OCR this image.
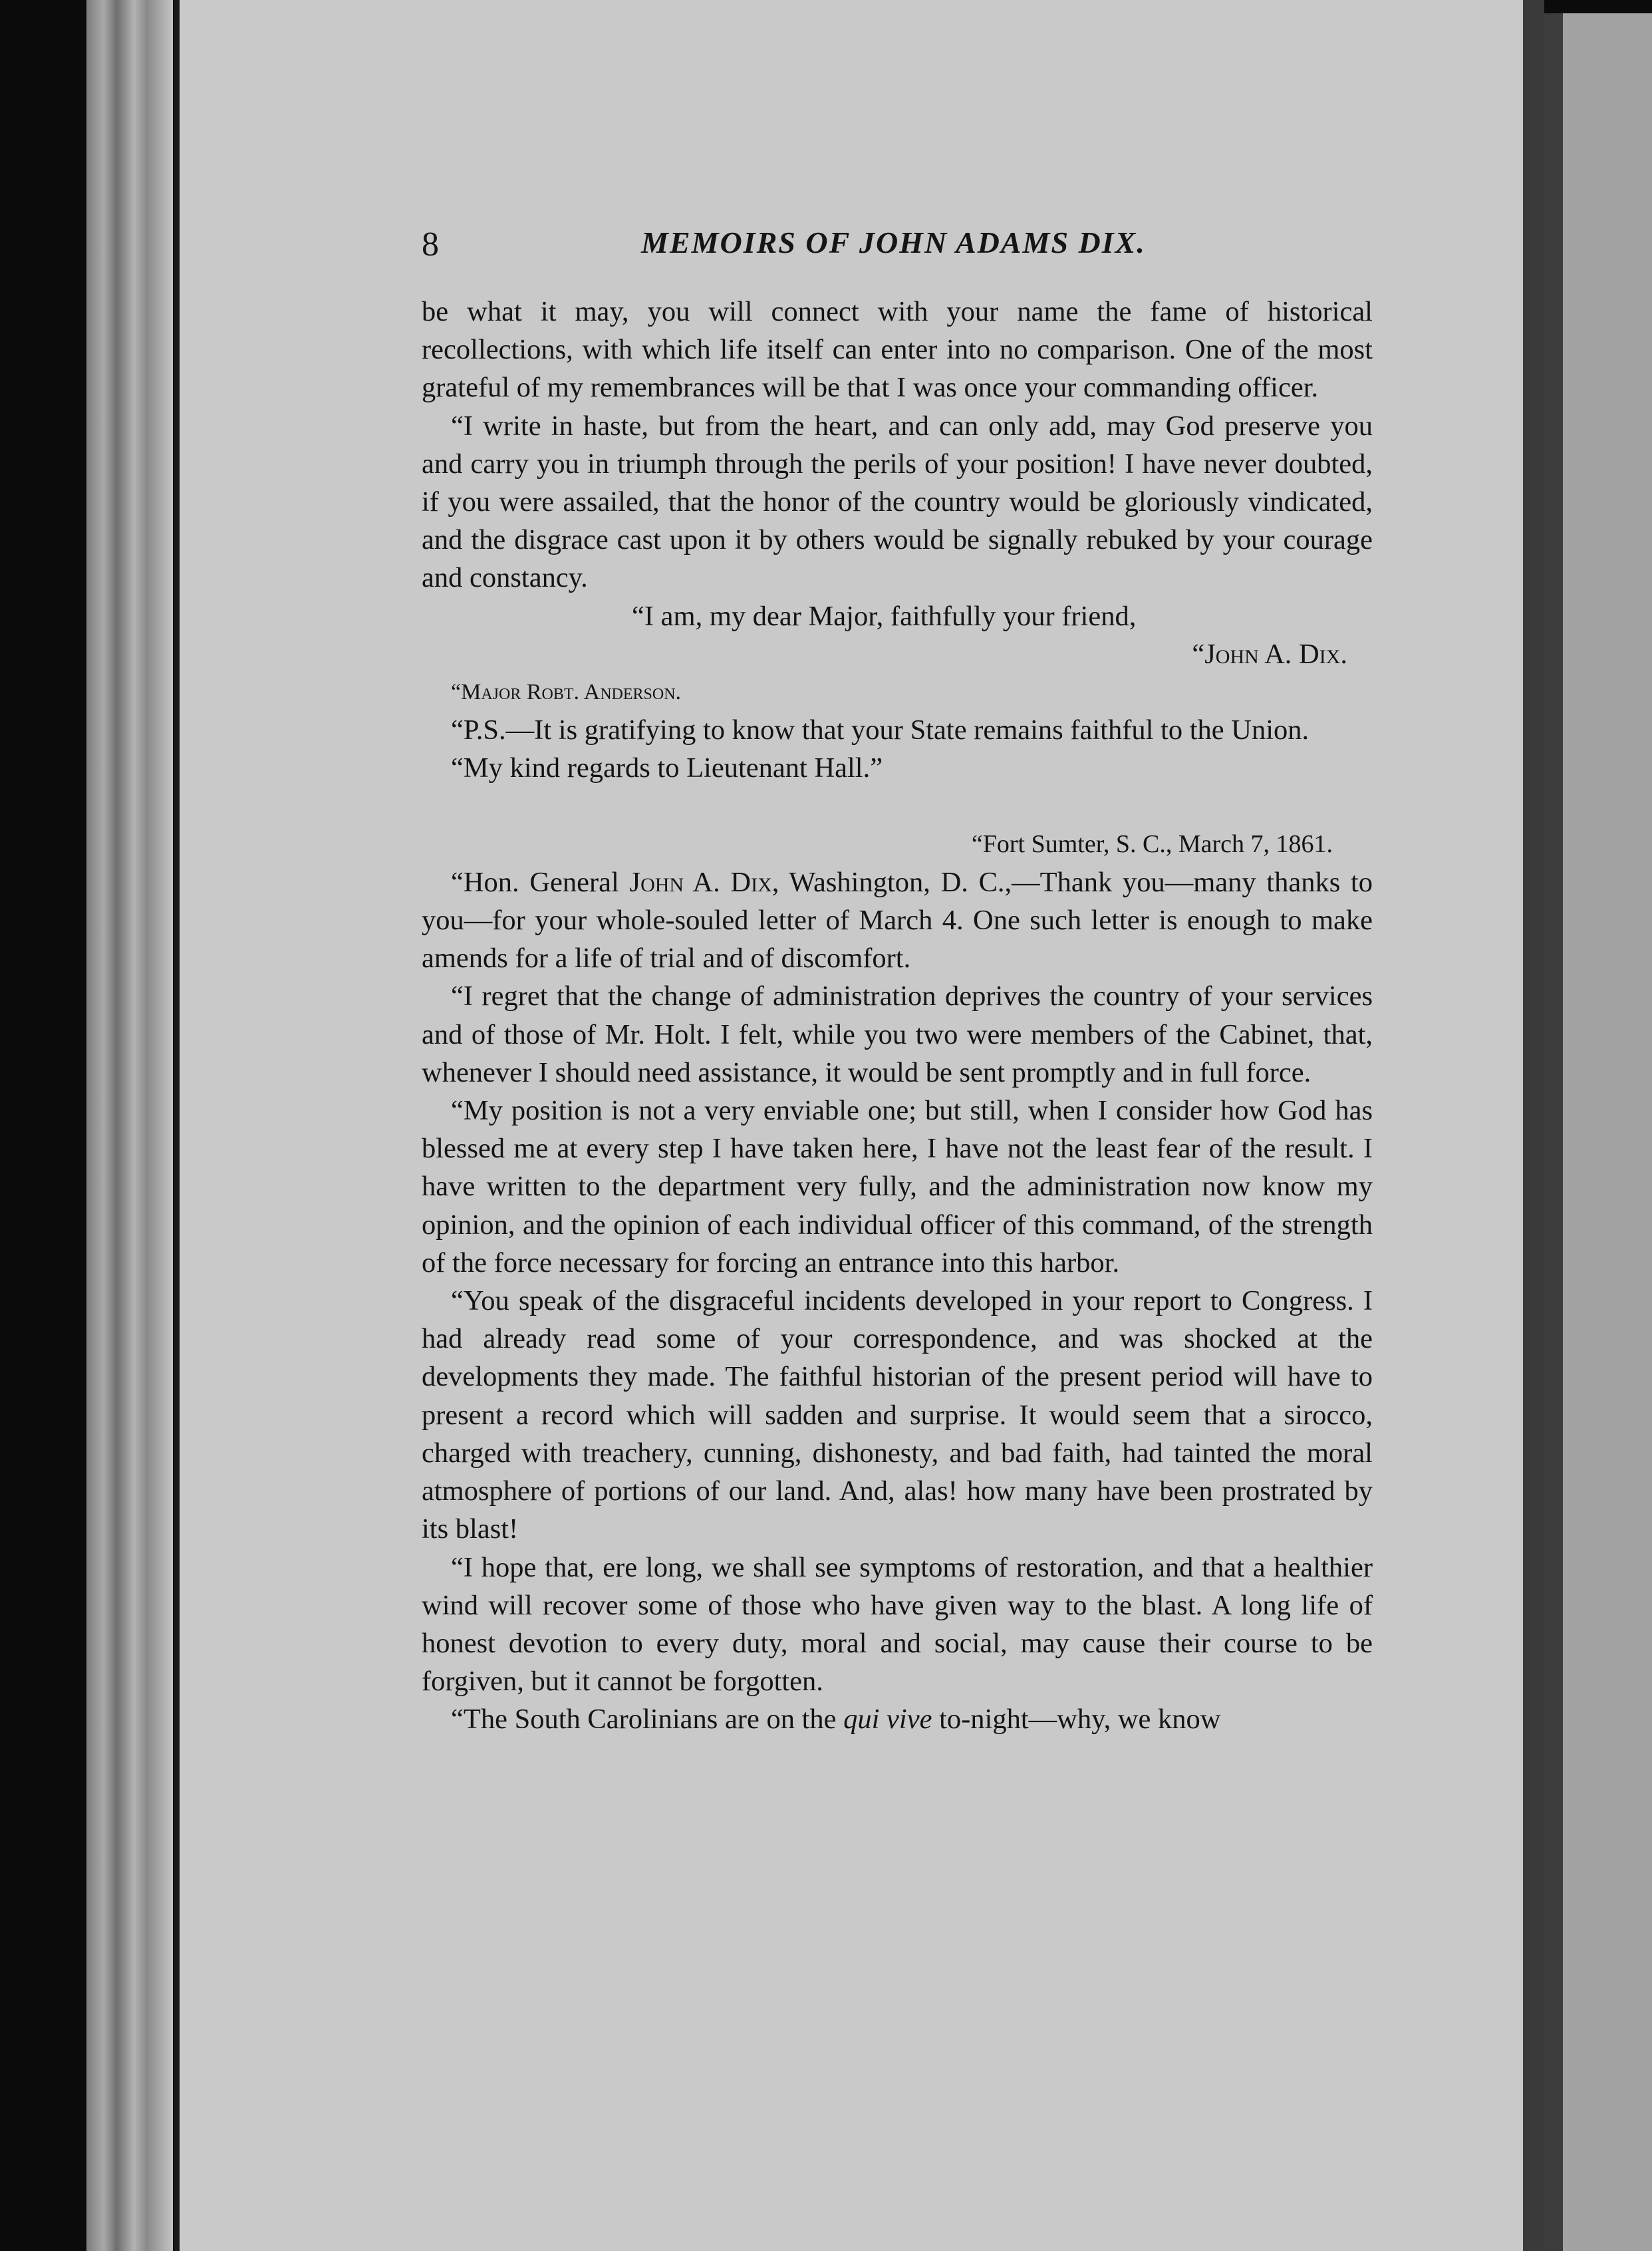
8	MEMOIRS OF JOHN ADAMS DIX.

be what it may, you will connect with your name the fame of historical recollections, with which life itself can enter into no comparison. One of the most grateful of my remembrances will be that I was once your commanding officer.

“I write in haste, but from the heart, and can only add, may God preserve you and carry you in triumph through the perils of your position! I have never doubted, if you were assailed, that the honor of the country would be gloriously vindicated, and the disgrace cast upon it by others would be signally rebuked by your courage and constancy.

“I am, my dear Major, faithfully your friend,

“John A. Dix.

“Major Robt. Anderson.

“P.S.—It is gratifying to know that your State remains faithful to the Union.

“My kind regards to Lieutenant Hall.”

“Fort Sumter, S. C., March 7, 1861.

“Hon. General John A. Dix, Washington, D. C.,—Thank you—many thanks to you—for your whole-souled letter of March 4. One such letter is enough to make amends for a life of trial and of discomfort.

“I regret that the change of administration deprives the country of your services and of those of Mr. Holt. I felt, while you two were members of the Cabinet, that, whenever I should need assistance, it would be sent promptly and in full force.

“My position is not a very enviable one; but still, when I consider how God has blessed me at every step I have taken here, I have not the least fear of the result. I have written to the department very fully, and the administration now know my opinion, and the opinion of each individual officer of this command, of the strength of the force necessary for forcing an entrance into this harbor.

“You speak of the disgraceful incidents developed in your report to Congress. I had already read some of your correspondence, and was shocked at the developments they made. The faithful historian of the present period will have to present a record which will sadden and surprise. It would seem that a sirocco, charged with treachery, cunning, dishonesty, and bad faith, had tainted the moral atmosphere of portions of our land. And, alas! how many have been prostrated by its blast!

“I hope that, ere long, we shall see symptoms of restoration, and that a healthier wind will recover some of those who have given way to the blast. A long life of honest devotion to every duty, moral and social, may cause their course to be forgiven, but it cannot be forgotten.

“The South Carolinians are on the qui vive to-night—why, we know
